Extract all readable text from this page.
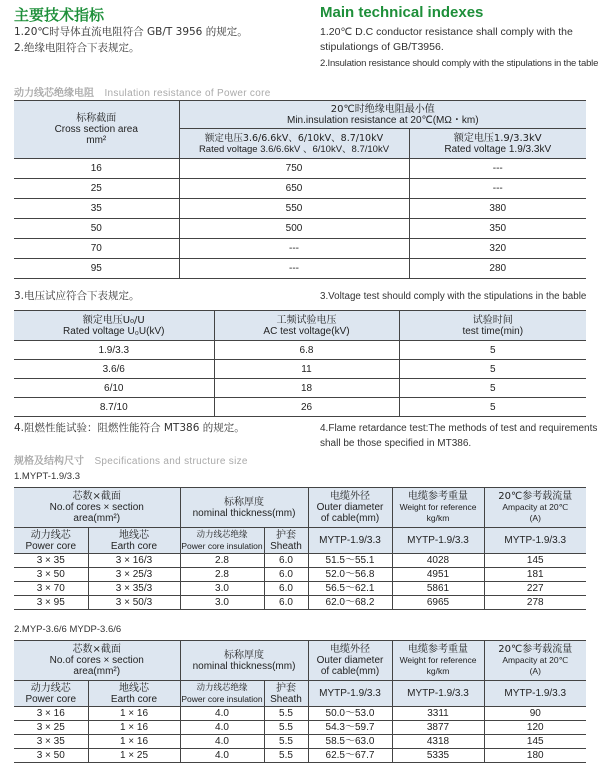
主要技术指标	Main technical indexes
1.20℃时导体直流电阻符合 GB/T 3956 的规定。
2.绝缘电阻符合下表规定。
1.20℃ D.C conductor resistance shall comply with the
stipulationgs of GB/T3956.
2.Insulation resistance should comply with the stipulations in the table
动力线芯绝缘电阻 Insulation resistance of Power core
标称截面
Cross section area
mm²	20℃时绝缘电阻最小值
Min.insulation resistance at 20℃(MΩ・km)	
	额定电压3.6/6.6kV、6/10kV、8.7/10kV
Rated voltage 3.6/6.6kV 、6/10kV、8.7/10kV	额定电压1.9/3.3kV
Rated voltage 1.9/3.3kV
16	750	---
25	650	---
35	550	380
50	500	350
70	---	320
95	---	280
3.电压试应符合下表规定。	3.Voltage test should comply with the stipulations in the bable
额定电压U₀/U
Rated voltage U₀U(kV)	工频试验电压
AC test voltage(kV)	试验时间
test time(min)
1.9/3.3	6.8	5
3.6/6	11	5
6/10	18	5
8.7/10	26	5
4.阻燃性能试验：阻燃性能符合 MT386 的规定。	4.Flame retardance test:The methods of test and requirements
shall be those specified in MT386.
规格及结构尺寸 Specifications and structure size
1.MYPT-1.9/3.3
芯数×截面
No.of cores × section
area(mm²)		标称厚度
nominal thickness(mm)		电缆外径
Outer diameter
of cable(mm)	电缆参考重量
Weight for reference
kg/km	20℃参考载流量
Ampacity at 20℃
(A)
动力线芯
Power core	地线芯
Earth core	动力线芯绝缘
Power core insulation	护套
Sheath	MYTP-1.9/3.3	MYTP-1.9/3.3	MYTP-1.9/3.3
3 × 35	3 × 16/3	2.8	6.0	51.5～55.1	4028	145
3 × 50	3 × 25/3	2.8	6.0	52.0～56.8	4951	181
3 × 70	3 × 35/3	3.0	6.0	56.5～62.1	5861	227
3 × 95	3 × 50/3	3.0	6.0	62.0～68.2	6965	278
2.MYP-3.6/6 MYDP-3.6/6
芯数×截面
No.of cores × section
area(mm²)		标称厚度
nominal thickness(mm)		电缆外径
Outer diameter
of cable(mm)	电缆参考重量
Weight for reference
kg/km	20℃参考载流量
Ampacity at 20℃
(A)
动力线芯
Power core	地线芯
Earth core	动力线芯绝缘
Power core insulation	护套
Sheath	MYTP-1.9/3.3	MYTP-1.9/3.3	MYTP-1.9/3.3
3 × 16	1 × 16	4.0	5.5	50.0～53.0	3311	90
3 × 25	1 × 16	4.0	5.5	54.3～59.7	3877	120
3 × 35	1 × 16	4.0	5.5	58.5～63.0	4318	145
3 × 50	1 × 25	4.0	5.5	62.5～67.7	5335	180
